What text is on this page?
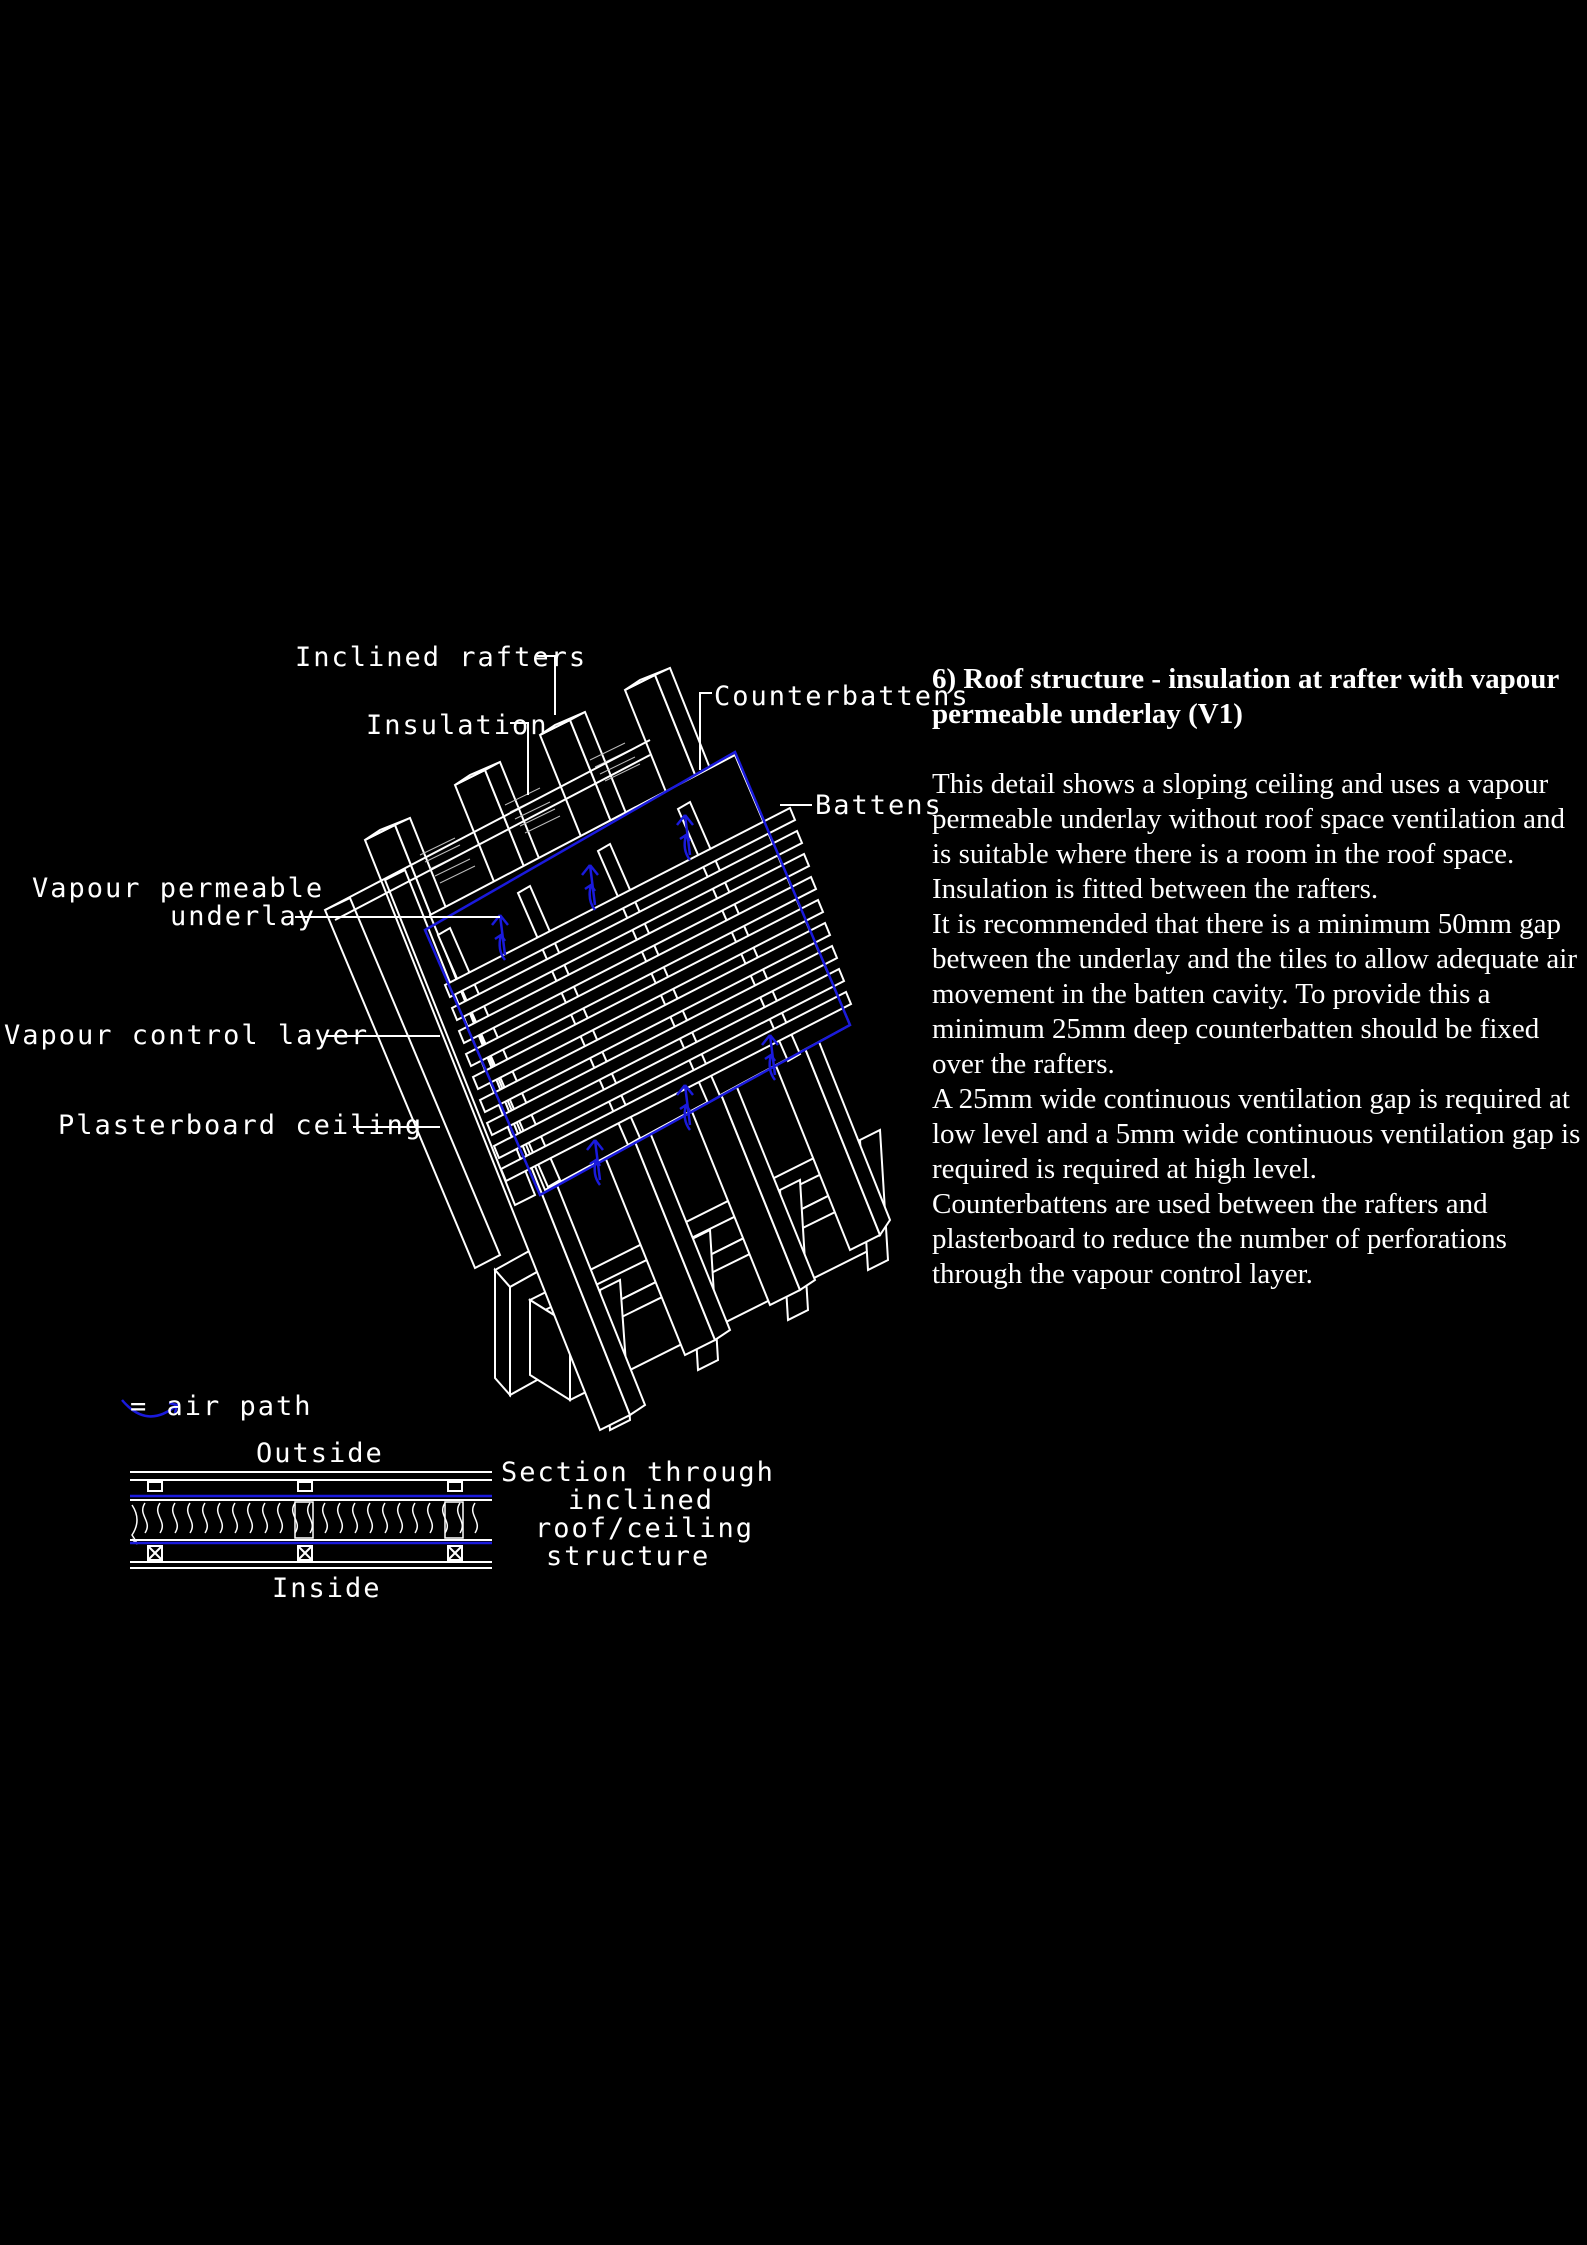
Inclined rafters
Insulation
Counterbattens
Battens
Vapour permeable
underlay
Vapour control layer
Plasterboard ceiling
= air path
Outside
Inside
Section through
inclined
roof/ceiling
structure
6) Roof structure - insulation at rafter with vapour permeable underlay (V1)

This detail shows a sloping ceiling and uses a vapour permeable underlay without roof space ventilation and is suitable where there is a room in the roof space.

Insulation is fitted between the rafters.

It is recommended that there is a minimum 50mm gap between the underlay and the tiles to allow adequate air movement in the batten cavity. To provide this a minimum 25mm deep counterbatten should be fixed over the rafters.

A 25mm wide continuous ventilation gap is required at low level and a 5mm wide continuous ventilation gap is required is required at high level.

Counterbattens are used between the rafters and plasterboard to reduce the number of perforations through the vapour control layer.
